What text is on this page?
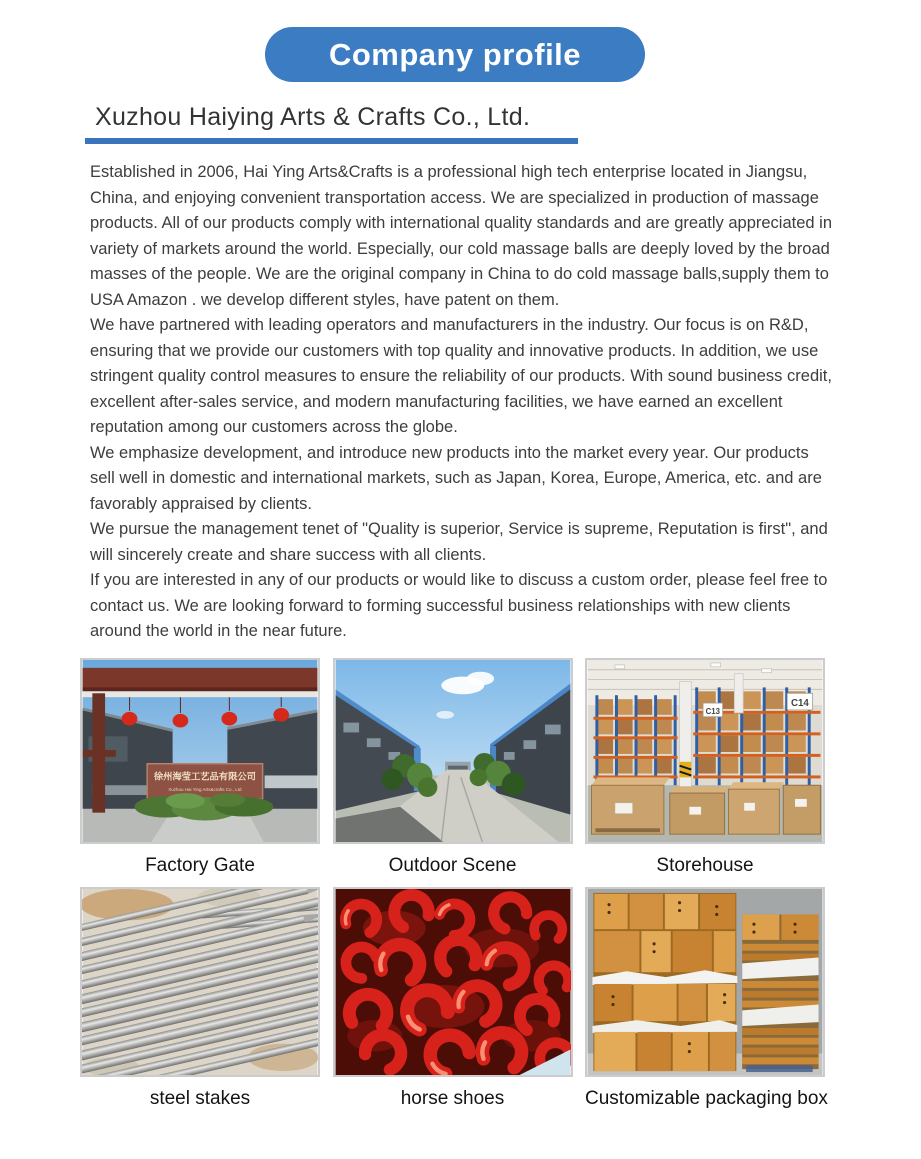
Company profile
Xuzhou Haiying Arts & Crafts Co., Ltd.

Established in 2006, Hai Ying Arts&Crafts is a professional high tech enterprise located in Jiangsu, China, and enjoying convenient transportation access. We are specialized in production of massage products. All of our products comply with international quality standards and are greatly appreciated in variety of markets around the world. Especially, our cold massage balls are deeply loved by the broad masses of the people. We are the original company in China to do cold massage balls,supply them to USA Amazon . we develop different styles, have patent on them.

We have partnered with leading operators and manufacturers in the industry. Our focus is on R&D, ensuring that we provide our customers with top quality and innovative products. In addition, we use stringent quality control measures to ensure the reliability of our products. With sound business credit, excellent after-sales service, and modern manufacturing facilities, we have earned an excellent reputation among our customers across the globe.

We emphasize development, and introduce new products into the market every year. Our products sell well in domestic and international markets, such as Japan, Korea, Europe, America, etc. and are favorably appraised by clients.

We pursue the management tenet of "Quality is superior, Service is supreme, Reputation is first", and will sincerely create and share success with all clients.

If you are interested in any of our products or would like to discuss a custom order, please feel free to contact us. We are looking forward to forming successful business relationships with new clients around the world in the near future.

徐州海莹工艺品有限公司
Xuzhou Hai Ying Arts&crafts Co., Ltd
Factory Gate	Outdoor Scene
C13
C14
Storehouse
steel stakes	horse shoes	Customizable packaging box
